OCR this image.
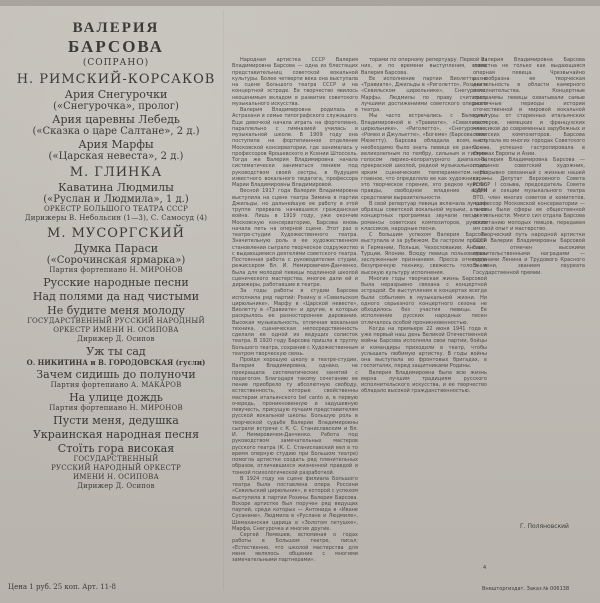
ВАЛЕРИЯ
БАРСОВА
(СОПРАНО)
Н. РИМСКИЙ-КОРСАКОВ
Ария Снегурочки
(«Снегурочка», пролог)
Ария царевны Лебедь
(«Сказка о царе Салтане», 2 д.)
Ария Марфы
(«Царская невеста», 2 д.)
М. ГЛИНКА
Каватина Людмилы
(«Руслан и Людмила», 1 д.)
ОРКЕСТР БОЛЬШОГО ТЕАТРА СССР
Дирижеры В. Небольсин (1—3), С. Самосуд (4)
М. МУСОРГСКИЙ
Думка Параси
(«Сорочинская ярмарка»)
Партия фортепиано Н. МИРОНОВ
Русские народные песни
Над полями да над чистыми
Не будите меня молоду
ГОСУДАРСТВЕННЫЙ РУССКИЙ НАРОДНЫЙ
ОРКЕСТР ИМЕНИ Н. ОСИПОВА
Дирижер Д. Осипов
Уж ты сад
О. НИКИТИНА и В. ГОРОДОВСКАЯ (гусли)
Зачем сидишь до полуночи
Партия фортепиано А. МАКАРОВ
На улице дождь
Партия фортепиано Н. МИРОНОВ
Пусти меня, дедушка
Украинская народная песня
Стоїть гора високая
ГОСУДАРСТВЕННЫЙ
РУССКИЙ НАРОДНЫЙ ОРКЕСТР
ИМЕНИ Н. ОСИПОВА
Дирижер Д. Осипов
Цена 1 руб. 25 коп. Арт. 11-8

Народная артистка СССР Валерия Владимировна Барсова — одна из блестящих представительниц советской вокальной культуры. Более четверти века она выступала на сцене Большого театра СССР и на концертной эстраде. Ее творчество явилось неоценимым вкладом в развитие советского музыкального искусства.

Валерия Владимировна родилась в Астрахани в семье типографского служащего. Еще девочкой начала играть на фортепиано, параллельно с гимназией училась в музыкальной школе. В 1909 году она поступила на фортепианное отделение Московской консерватории, где занималась у профессоров Ярошевского и Ксении Штоссель. Тогда же Валерия Владимировна начала систематически заниматься пением под руководством своей сестры, в будущем известного вокального педагога, профессора Марии Владимировны Владимировой.

Весной 1917 года Валерия Владимировна выступила на сцене театра Зимина в партии Джильды, но дальнейшую ее работу в этой труппе прервала начавшаяся гражданская война. Лишь в 1919 году, уже окончив Московскую консерваторию, Барсова вновь начала петь на оперной сцене. Этот раз в театре-студии Художественного театра. Значительную роль в ее художественном становлении сыграло творческое содружество с выдающимися деятелями советского театра. Постоянная работа с руководителем студии, режиссером Вл. И. Немировичем-Данченко, была для молодой певицы подлинной школой сценического мастерства, многое дали ей и дирижеры, работавшие в театре.

За годы работы в студии Барсова исполнила ряд партий: Розину в «Севильском цирюльнике», Марфу в «Царской невесте», Виолетту в «Травиате» и другие, в которых раскрылось ее разностороннее дарование. Высокая музыкальность, отличная вокальная техника, сценическая непосредственность сделали ее одной из ведущих солисток театра. В 1920 году Барсова пришла в труппу Большого театра, сохранив с Художественным театром творческую связь.

Пройдя хорошую школу в театре-студии, Валерия Владимировна, однако, не прекращала систематических занятий с педагогом. Благодаря такому сочетанию ее пение приобрело ту абсолютную свободу, естественность, которые свойственны мастерам итальянского bel canto и, в первую очередь, проникновенную и задушевную певучесть, присущую лучшим представителям русской вокальной школы. Большую роль в творческой судьбе Валерии Владимировны сыграли встречи с К. С. Станиславским и Вл. И. Немировичем-Данченко. Работа под руководством замечательных мастеров русского театра (К. С. Станиславский вел в то время оперную студию при Большом театре) помогла артистке создать ряд пленительных образов, отличавшихся жизненной правдой и тонкой психологической разработкой.

В 1924 году на сцене филиала Большого театра была поставлена опера Россини «Севильский цирюльник», в которой с успехом выступила в партии Розины Валерия Барсова. Вскоре артистке был поручен ряд ведущих партий, среди которых — Антонида в «Иване Сусанине», Людмила в «Руслане и Людмиле», Шемаханская царица в «Золотом петушке», Марфа, Снегурочка и многие другие.

Сергей Лемешев, вспоминая о годах работы в Большом театре, писал: «Естественно, что школой мастерства для меня являлось общение с многими замечательными партнерами».

торами по оперному репертуару. Первой из них, и по времени выступления, стала Валерия Барсова.

Ее исполнение партии Виолетты в «Травиате», Джильды в «Риголетто», Розины в «Севильском цирюльнике», Снегурочки, Марфы, Людмилы по праву считались лучшими достижениями советского оперного театра.

Мы часто встречались с Валерией Владимировной в «Травиате», «Севильском цирюльнике», «Риголетто», «Снегурочке», «Ромео и Джульетте», «Богеме» (Барсова пела Мюзетту). Барсова обладала всем, что необходимо было знать певице ее ранга, — великолепным по тембру, сильным и гибким голосом лирико-колоратурного диапазона, прекрасной школой, редкой музыкальностью, ярким сценическим темпераментом. Но главное, что определяло ее как художника, — это творческое горение, это редкое чувство правды, свободное владение всеми средствами выразительности.

В свой репертуар певица включала лучшие образцы советской вокальной музыки, а в ее концертных программах звучали песни и романсы советских композиторов, русских классиков, народные песни.

С большим успехом Валерия Барсова выступала и за рубежом. Ее гастроли прошли в Германии, Польше, Чехословакии, Англии, Турции, Японии. Всюду певица пользовалась заслуженным признанием. Пресса отмечала безупречную технику, свежесть голоса и высокую культуру исполнения.

Многие годы творческая жизнь Барсовой была неразрывно связана с концертной эстрадой. Ее выступления в концертах всегда были событием в музыкальной жизни. Ни одного серьезного концертного сезона не обходилось без участия певицы. Ее исполнение русских народных песен отличалось особой проникновенностью.

Когда на премьере 22 июня 1941 года в уже первый наш день Великой Отечественной войны Барсова исполняла свои партии, бойцы и командиры приходили в театр, чтобы услышать любимую артистку. В годы войны она выступала во фронтовых бригадах, в госпиталях, перед защитниками Родины.

Валерия Владимировна была всю жизнь верна лучшим традициям русского исполнительского искусства, и ее творчество обладало высокой гражданственностью.

Валерия Владимировна Барсова известна не только как выдающаяся оперная певица. Чрезвычайно разнообразна ее творческая деятельность в области камерного исполнительства. Концертные программы певицы охватывали самые различные периоды истории отечественной и мировой вокальной культуры: от старинных итальянских мастеров, немецких и французских классиков до современных зарубежных и советских композиторов. Барсова выступала во многих городах Советского Союза, успешно гастролировала в странах Европы и Азии.

Валерия Владимировна Барсова — подлинно советский художник, неразрывно связанный с жизнью нашей страны. Депутат Верховного Совета РСФСР I созыва, председатель Совета ЦДРИ и секции музыкального театра ВТО, член многих советов и комитетов, профессор Московской консерватории — таковы были сферы ее общественной деятельности. Много сил отдала Барсова воспитанию молодых певцов, передавая им свой опыт и мастерство.

Творческий путь народной артистки СССР Валерии Владимировны Барсовой был отмечен высокими правительственными наградами — орденами Ленина и Трудового Красного Знамени, званием лауреата Государственной премии.

Г. Поляновский
4
Внешторгиздат. Заказ № 006138
